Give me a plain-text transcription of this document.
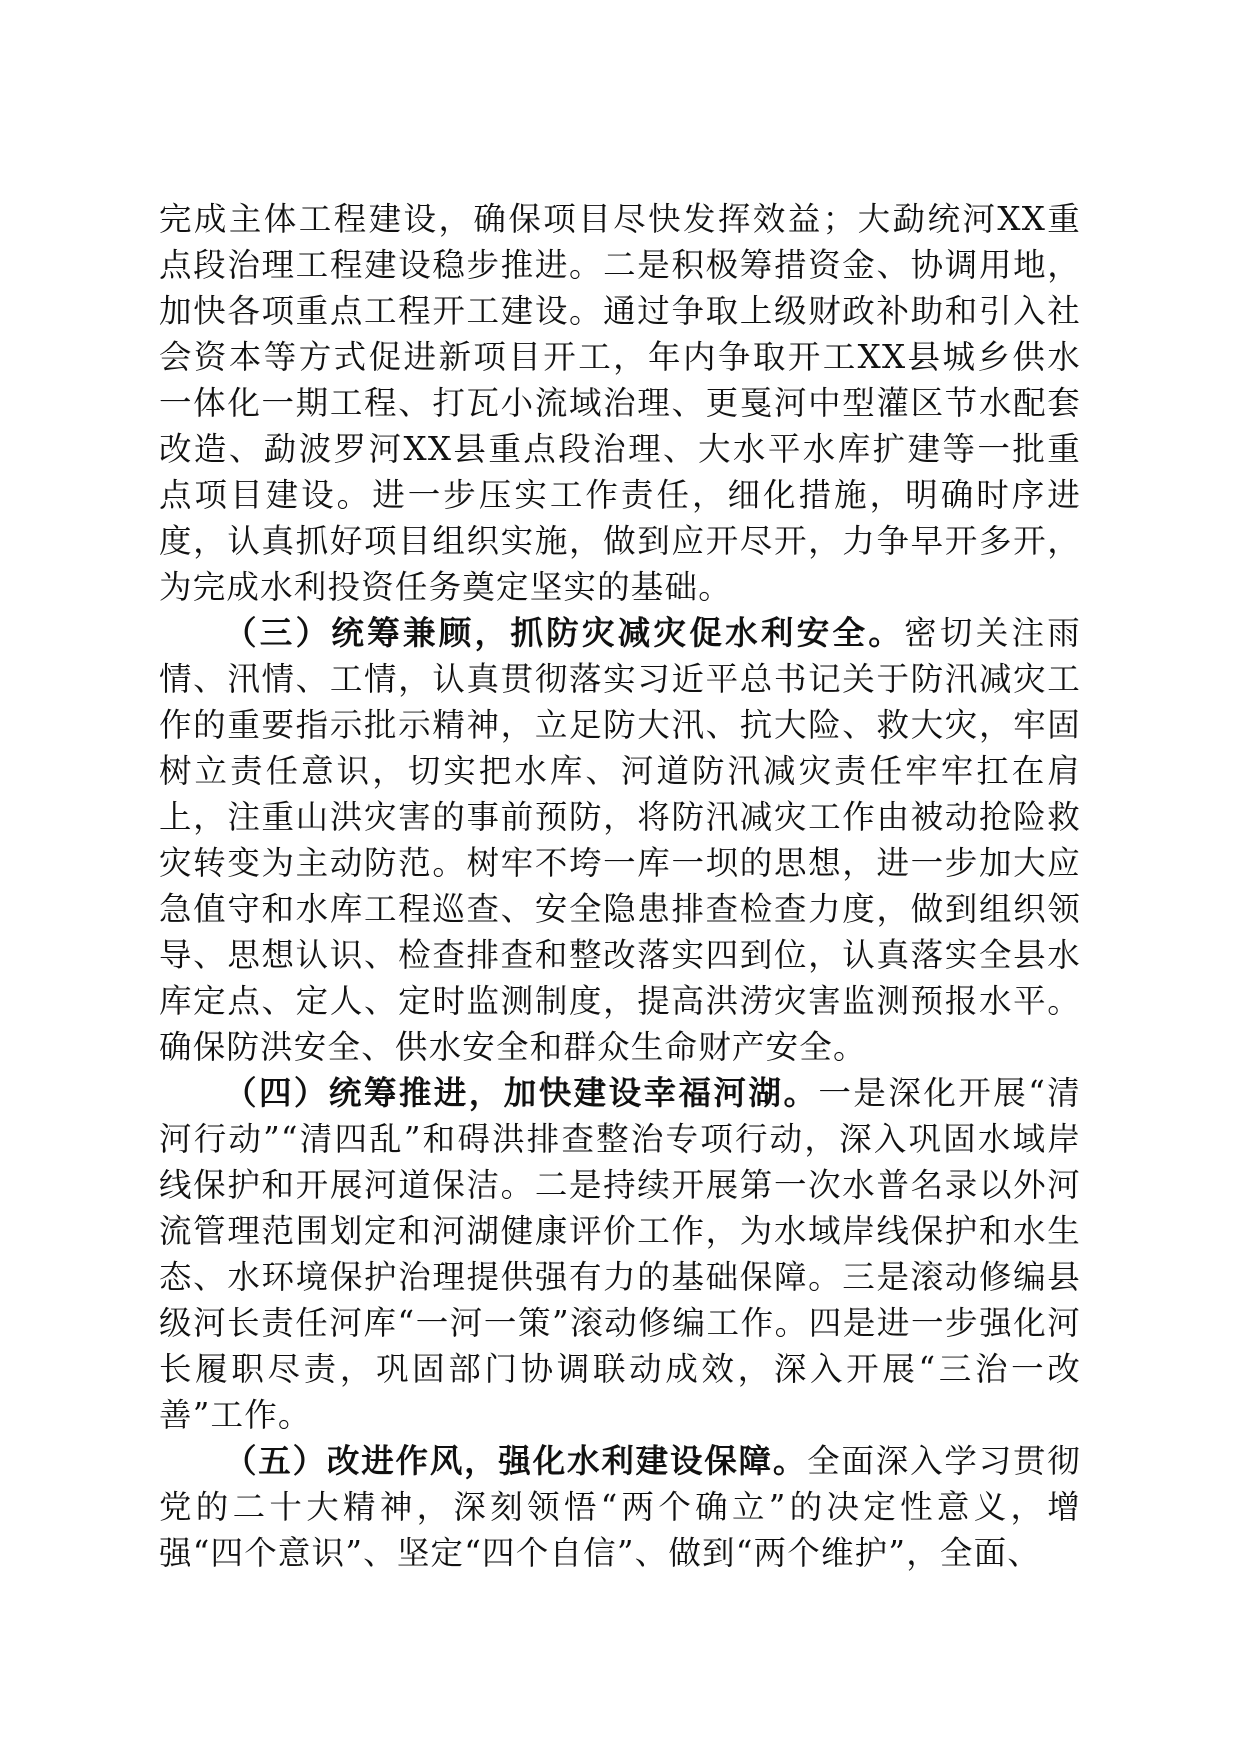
完成主体工程建设，确保项目尽快发挥效益；大勐统河XX重点段治理工程建设稳步推进。二是积极筹措资金、协调用地，加快各项重点工程开工建设。通过争取上级财政补助和引入社会资本等方式促进新项目开工，年内争取开工XX县城乡供水一体化一期工程、打瓦小流域治理、更戛河中型灌区节水配套改造、勐波罗河XX县重点段治理、大水平水库扩建等一批重点项目建设。进一步压实工作责任，细化措施，明确时序进度，认真抓好项目组织实施，做到应开尽开，力争早开多开，为完成水利投资任务奠定坚实的基础。

（三）统筹兼顾，抓防灾减灾促水利安全。密切关注雨情、汛情、工情，认真贯彻落实习近平总书记关于防汛减灾工作的重要指示批示精神，立足防大汛、抗大险、救大灾，牢固树立责任意识，切实把水库、河道防汛减灾责任牢牢扛在肩上，注重山洪灾害的事前预防，将防汛减灾工作由被动抢险救灾转变为主动防范。树牢不垮一库一坝的思想，进一步加大应急值守和水库工程巡查、安全隐患排查检查力度，做到组织领导、思想认识、检查排查和整改落实四到位，认真落实全县水库定点、定人、定时监测制度，提高洪涝灾害监测预报水平。确保防洪安全、供水安全和群众生命财产安全。

（四）统筹推进，加快建设幸福河湖。一是深化开展“清河行动”“清四乱”和碍洪排查整治专项行动，深入巩固水域岸线保护和开展河道保洁。二是持续开展第一次水普名录以外河流管理范围划定和河湖健康评价工作，为水域岸线保护和水生态、水环境保护治理提供强有力的基础保障。三是滚动修编县级河长责任河库“一河一策”滚动修编工作。四是进一步强化河长履职尽责，巩固部门协调联动成效，深入开展“三治一改善”工作。

（五）改进作风，强化水利建设保障。全面深入学习贯彻党的二十大精神，深刻领悟“两个确立”的决定性意义，增强“四个意识”、坚定“四个自信”、做到“两个维护”，全面、
